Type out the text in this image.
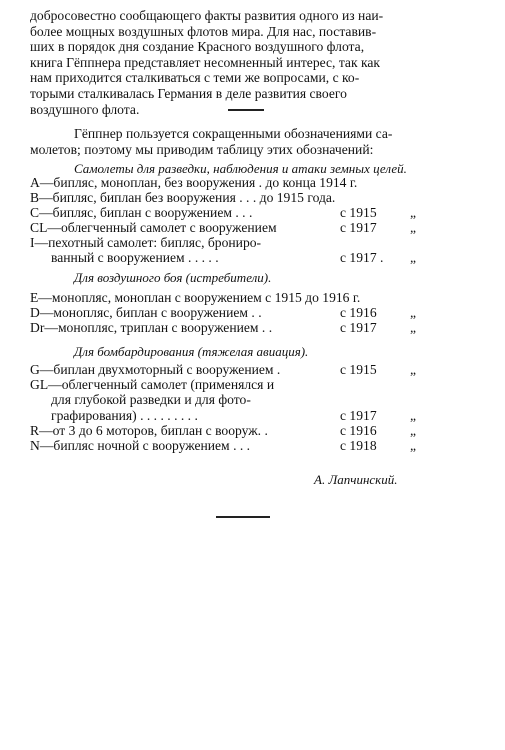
добросовестно сообщающего факты развития одного из наи-
более мощных воздушных флотов мира. Для нас, поставив-
ших в порядок дня создание Красного воздушного флота,
книга Гёппнера представляет несомненный интерес, так как
нам приходится сталкиваться с теми же вопросами, с ко-
торыми сталкивалась Германия в деле развития своего
воздушного флота.
Гёппнер пользуется сокращенными обозначениями са-
молетов; поэтому мы приводим таблицу этих обозначений:
Самолеты для разведки, наблюдения и атаки земных целей.
A—бипляс, моноплан, без вооружения . до конца 1914 г.
B—бипляс, биплан без вооружения . . . до 1915 года.
C—бипляс, биплан с вооружением . . .	с 1915 „
CL—облегченный самолет с вооружением	с 1917 „
I—пехотный самолет: бипляс, брониро-
ванный с вооружением . . . . .	с 1917 . „
Для воздушного боя (истребители).
E—монопляс, моноплан с вооружением с 1915 до 1916 г.
D—монопляс, биплан с вооружением . .	с 1916 „
Dr—монопляс, триплан с вооружением . .	с 1917 „
Для бомбардирования (тяжелая авиация).
G—биплан двухмоторный с вооружением .	с 1915 „
GL—облегченный самолет (применялся и
для глубокой разведки и для фото-
графирования) . . . . . . . . .	с 1917 „
R—от 3 до 6 моторов, биплан с вооруж. .	с 1916 „
N—бипляс ночной с вооружением . . .	с 1918 „
А. Лапчинский.
